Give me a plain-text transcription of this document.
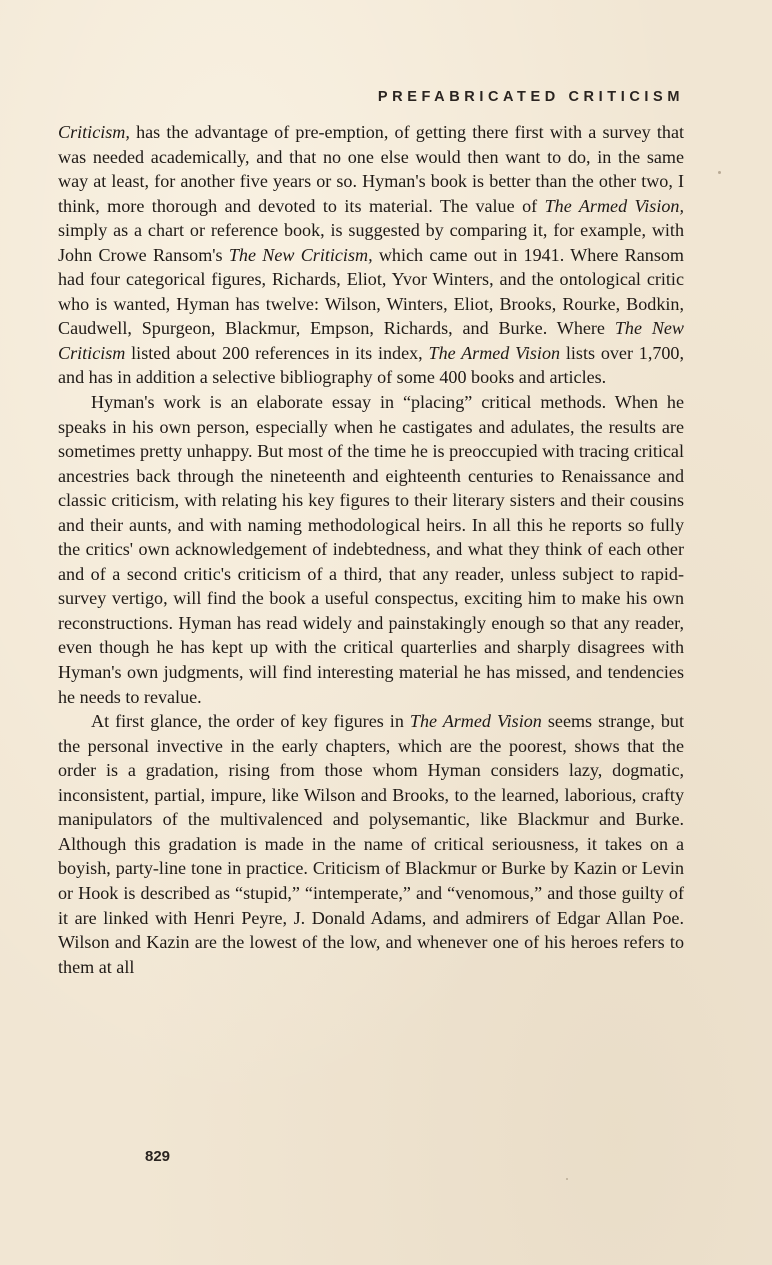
PREFABRICATED CRITICISM

Criticism, has the advantage of pre-emption, of getting there first with a survey that was needed academically, and that no one else would then want to do, in the same way at least, for another five years or so. Hyman's book is better than the other two, I think, more thorough and devoted to its material. The value of The Armed Vision, simply as a chart or reference book, is suggested by comparing it, for example, with John Crowe Ransom's The New Criticism, which came out in 1941. Where Ransom had four categorical figures, Richards, Eliot, Yvor Winters, and the ontological critic who is wanted, Hyman has twelve: Wilson, Winters, Eliot, Brooks, Rourke, Bodkin, Caudwell, Spurgeon, Blackmur, Empson, Richards, and Burke. Where The New Criticism listed about 200 references in its index, The Armed Vision lists over 1,700, and has in addition a selective bibliography of some 400 books and articles.

Hyman's work is an elaborate essay in “placing” critical methods. When he speaks in his own person, especially when he castigates and adulates, the results are sometimes pretty unhappy. But most of the time he is preoccupied with tracing critical ancestries back through the nineteenth and eighteenth centuries to Renaissance and classic criticism, with relating his key figures to their literary sisters and their cousins and their aunts, and with naming methodological heirs. In all this he reports so fully the critics' own acknowledgement of indebtedness, and what they think of each other and of a second critic's criticism of a third, that any reader, unless subject to rapid-survey vertigo, will find the book a useful conspectus, exciting him to make his own reconstructions. Hyman has read widely and painstakingly enough so that any reader, even though he has kept up with the critical quarterlies and sharply disagrees with Hyman's own judgments, will find interesting material he has missed, and tendencies he needs to revalue.

At first glance, the order of key figures in The Armed Vision seems strange, but the personal invective in the early chapters, which are the poorest, shows that the order is a gradation, rising from those whom Hyman considers lazy, dogmatic, inconsistent, partial, impure, like Wilson and Brooks, to the learned, laborious, crafty manipulators of the multivalenced and polysemantic, like Blackmur and Burke. Although this gradation is made in the name of critical seriousness, it takes on a boyish, party-line tone in practice. Criticism of Blackmur or Burke by Kazin or Levin or Hook is described as “stupid,” “intemperate,” and “venomous,” and those guilty of it are linked with Henri Peyre, J. Donald Adams, and admirers of Edgar Allan Poe. Wilson and Kazin are the lowest of the low, and whenever one of his heroes refers to them at all

829
